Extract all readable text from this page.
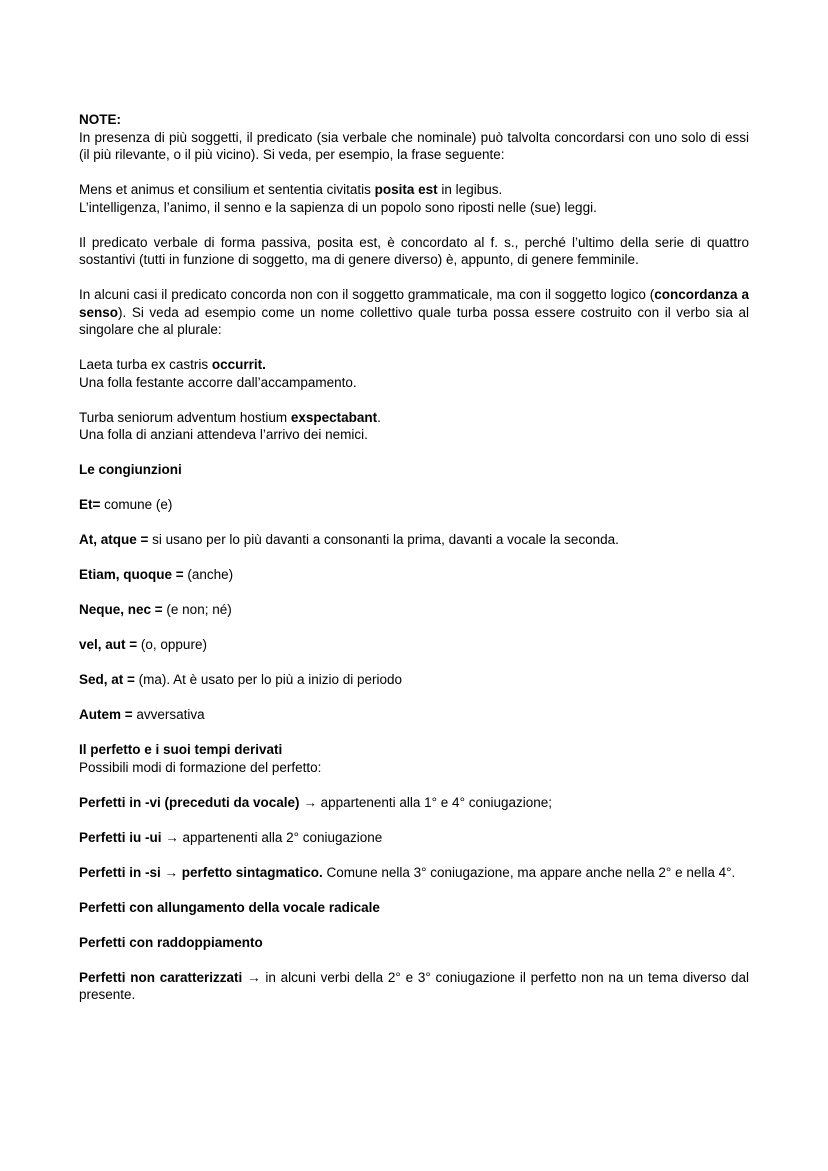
NOTE:
In presenza di più soggetti, il predicato (sia verbale che nominale) può talvolta concordarsi con uno solo di essi (il più rilevante, o il più vicino). Si veda, per esempio, la frase seguente:

Mens et animus et consilium et sententia civitatis posita est in legibus.
L’intelligenza, l’animo, il senno e la sapienza di un popolo sono riposti nelle (sue) leggi.

Il predicato verbale di forma passiva, posita est, è concordato al f. s., perché l’ultimo della serie di quattro sostantivi (tutti in funzione di soggetto, ma di genere diverso) è, appunto, di genere femminile.

In alcuni casi il predicato concorda non con il soggetto grammaticale, ma con il soggetto logico (concordanza a senso). Si veda ad esempio come un nome collettivo quale turba possa essere costruito con il verbo sia al singolare che al plurale:

Laeta turba ex castris occurrit.
Una folla festante accorre dall’accampamento.

Turba seniorum adventum hostium exspectabant.
Una folla di anziani attendeva l’arrivo dei nemici.

Le congiunzioni

Et= comune (e)

At, atque = si usano per lo più davanti a consonanti la prima, davanti a vocale la seconda.

Etiam, quoque = (anche)

Neque, nec = (e non; né)

vel, aut = (o, oppure)

Sed, at = (ma). At è usato per lo più a inizio di periodo

Autem = avversativa

Il perfetto e i suoi tempi derivati
Possibili modi di formazione del perfetto:

Perfetti in -vi (preceduti da vocale) → appartenenti alla 1° e 4° coniugazione;

Perfetti iu -ui → appartenenti alla 2° coniugazione

Perfetti in -si → perfetto sintagmatico. Comune nella 3° coniugazione, ma appare anche nella 2° e nella 4°.

Perfetti con allungamento della vocale radicale

Perfetti con raddoppiamento

Perfetti non caratterizzati → in alcuni verbi della 2° e 3° coniugazione il perfetto non na un tema diverso dal presente.
